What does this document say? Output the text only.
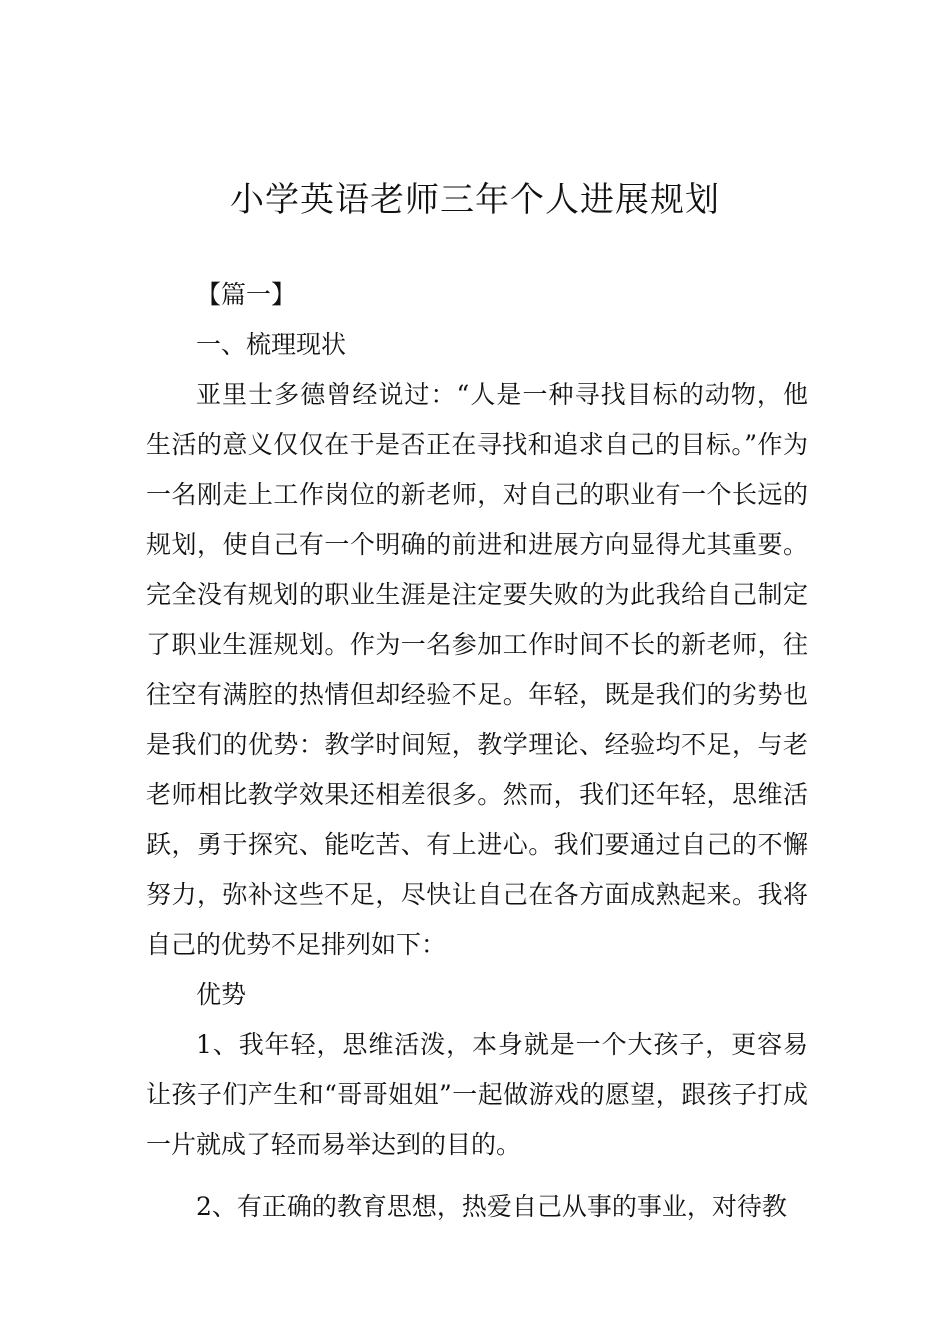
小学英语老师三年个人进展规划

【篇一】

一、梳理现状

亚里士多德曾经说过：“人是一种寻找目标的动物，他生活的意义仅仅在于是否正在寻找和追求自己的目标。”作为一名刚走上工作岗位的新老师，对自己的职业有一个长远的规划，使自己有一个明确的前进和进展方向显得尤其重要。完全没有规划的职业生涯是注定要失败的为此我给自己制定了职业生涯规划。作为一名参加工作时间不长的新老师，往往空有满腔的热情但却经验不足。年轻，既是我们的劣势也是我们的优势：教学时间短，教学理论、经验均不足，与老老师相比教学效果还相差很多。然而，我们还年轻，思维活跃，勇于探究、能吃苦、有上进心。我们要通过自己的不懈努力，弥补这些不足，尽快让自己在各方面成熟起来。我将自己的优势不足排列如下：

优势

1、我年轻，思维活泼，本身就是一个大孩子，更容易让孩子们产生和“哥哥姐姐”一起做游戏的愿望，跟孩子打成一片就成了轻而易举达到的目的。

2、有正确的教育思想，热爱自己从事的事业，对待教
